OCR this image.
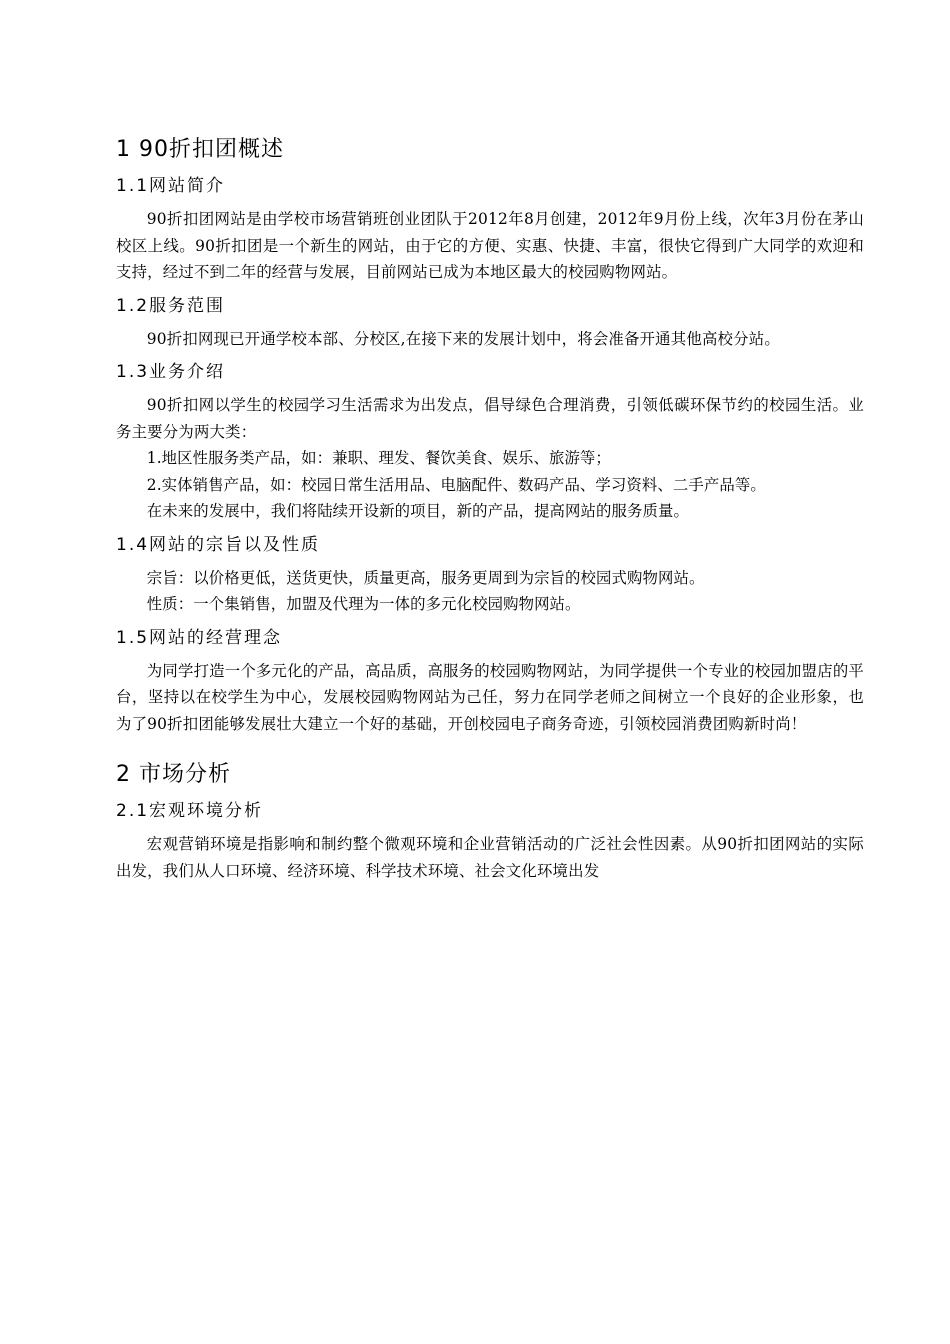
1 90折扣团概述
1.1网站简介
90折扣团网站是由学校市场营销班创业团队于2012年8月创建，2012年9月份上线，次年3月份在茅山校区上线。90折扣团是一个新生的网站，由于它的方便、实惠、快捷、丰富，很快它得到广大同学的欢迎和支持，经过不到二年的经营与发展，目前网站已成为本地区最大的校园购物网站。
1.2服务范围
90折扣网现已开通学校本部、分校区,在接下来的发展计划中，将会准备开通其他高校分站。
1.3业务介绍
90折扣网以学生的校园学习生活需求为出发点，倡导绿色合理消费，引领低碳环保节约的校园生活。业务主要分为两大类：
1.地区性服务类产品，如：兼职、理发、餐饮美食、娱乐、旅游等；
2.实体销售产品，如：校园日常生活用品、电脑配件、数码产品、学习资料、二手产品等。
在未来的发展中，我们将陆续开设新的项目，新的产品，提高网站的服务质量。
1.4网站的宗旨以及性质
宗旨：以价格更低，送货更快，质量更高，服务更周到为宗旨的校园式购物网站。
性质：一个集销售，加盟及代理为一体的多元化校园购物网站。
1.5网站的经营理念
为同学打造一个多元化的产品，高品质，高服务的校园购物网站，为同学提供一个专业的校园加盟店的平台，坚持以在校学生为中心，发展校园购物网站为己任，努力在同学老师之间树立一个良好的企业形象，也为了90折扣团能够发展壮大建立一个好的基础，开创校园电子商务奇迹，引领校园消费团购新时尚！
2 市场分析
2.1宏观环境分析
宏观营销环境是指影响和制约整个微观环境和企业营销活动的广泛社会性因素。从90折扣团网站的实际出发，我们从人口环境、经济环境、科学技术环境、社会文化环境出发
